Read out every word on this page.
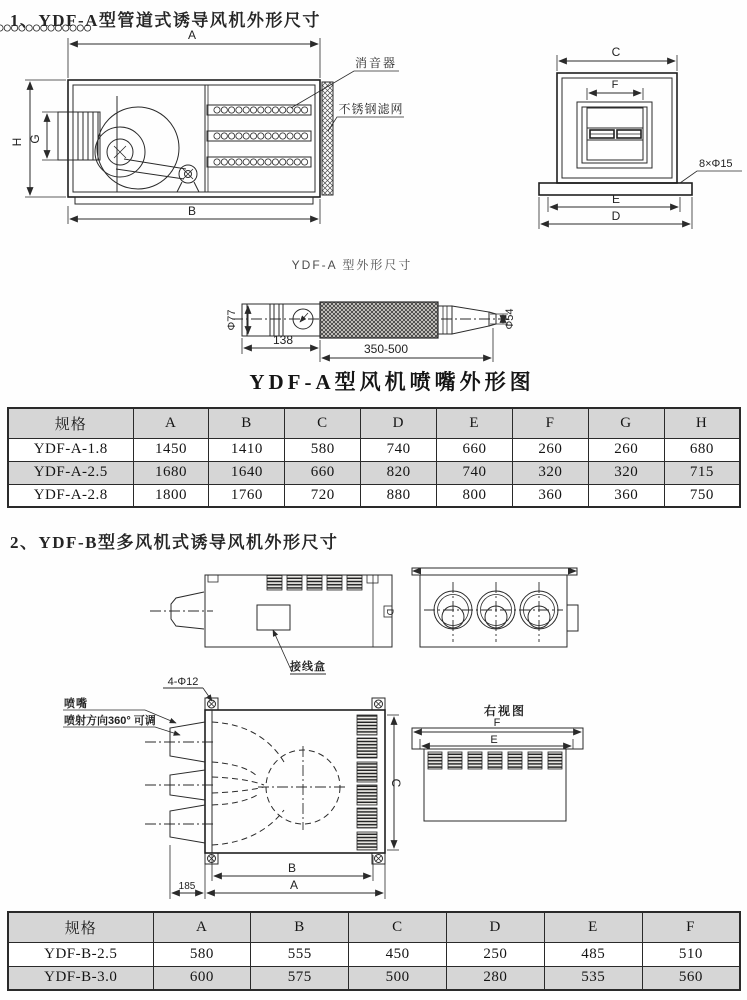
1、YDF-A型管道式诱导风机外形尺寸
A
H G
B
消音器
不锈钢滤网
C
F
8×Φ15
E
D
YDF-A 型外形尺寸
Φ77	Φ54
138
350-500
YDF-A型风机喷嘴外形图
规格	A	B	C	D	E	F	G	H
YDF-A-1.8	1450	1410	580	740	660	260	260	680
YDF-A-2.5	1680	1640	660	820	740	320	320	715
YDF-A-2.8	1800	1760	720	880	800	360	360	750
2、YDF-B型多风机式诱导风机外形尺寸
接线盒
D
4-Φ12
喷嘴
喷射方向360° 可调
C
B
A
185
右视图
F
E
规格	A	B	C	D	E	F
YDF-B-2.5	580	555	450	250	485	510
YDF-B-3.0	600	575	500	280	535	560
